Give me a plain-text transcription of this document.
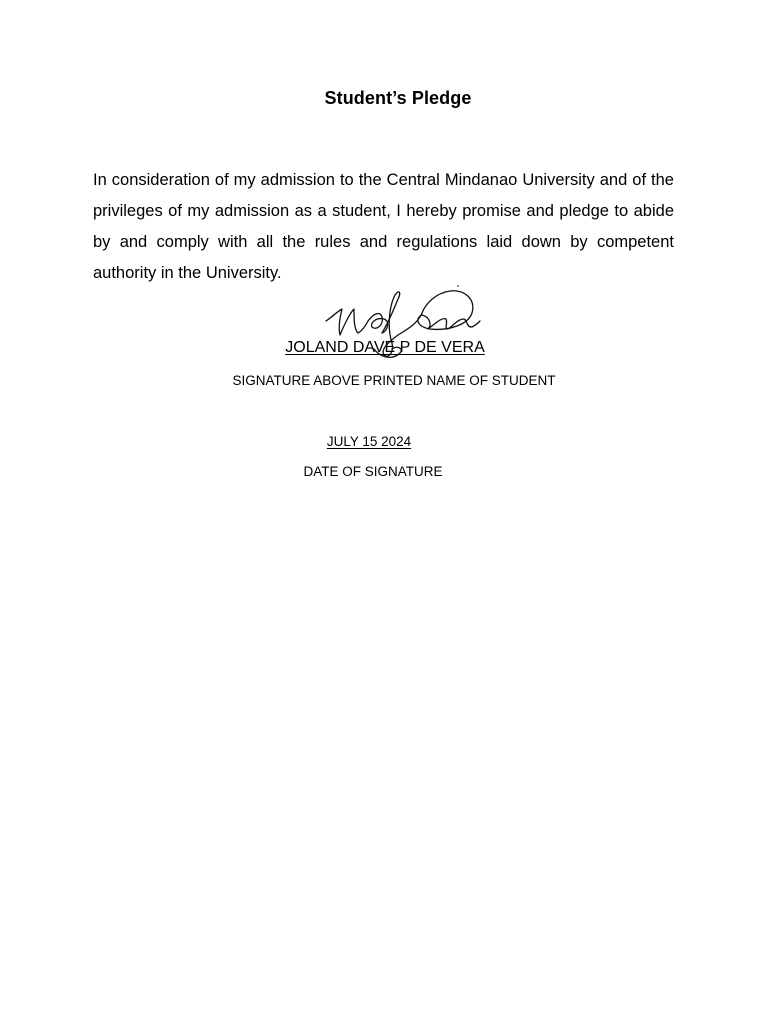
Student’s Pledge

In consideration of my admission to the Central Mindanao University and of the privileges of my admission as a student, I hereby promise and pledge to abide by and comply with all the rules and regulations laid down by competent authority in the University.

JOLAND DAVE P DE VERA
SIGNATURE ABOVE PRINTED NAME OF STUDENT
JULY 15 2024
DATE OF SIGNATURE
